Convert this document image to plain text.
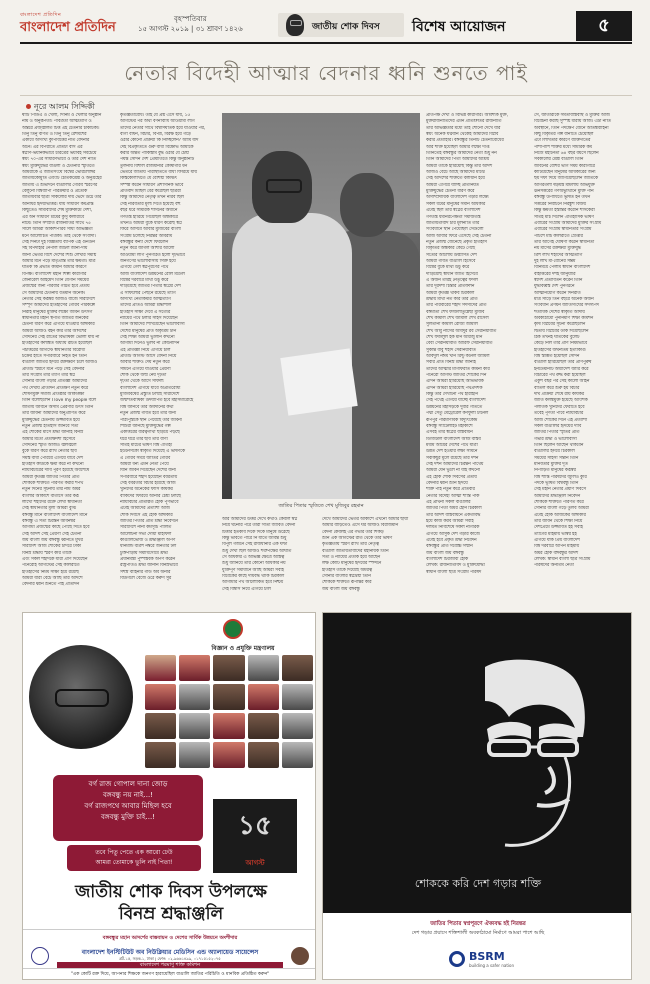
বাংলাদেশ প্রতিদিন
বাংলাদেশ প্রতিদিন
বৃহস্পতিবার
১৫ আগস্ট ২০১৯ | ৩১ শ্রাবণ ১৪২৬	জাতীয় শোক দিবস বিশেষ আয়োজন	৫
নেতার বিদেহী আত্মার বেদনার ধ্বনি শুনতে পাই
নূরে আলম সিদ্দিকী
ষাটি পিডিএ ও খেলা, দিনিম ও খেলার অনুষ্ঠান
নাম ও অনুরূপতা। পবিত্রতা আত্মত্যাগ ও
অন্তরে প্রজ্জ্বলিত চিত্ত এই চেতনার চাকচিক্য।
তিনু তিনু বর্ণিত ও তিনু তিনু রেশমশের
একাধে অসংখ্য কুপিবিত্তের নীত বেদনার
অনে। এর বিপরীতে প্রতিটা বাস এর
স্বপ্নার্ণ-ভয়ানকভাবে চরিত্রের ভয়াবহ সবচেয়ে
স্বয়ং ৭০-এর সাধারণভাবে ও তার দেশ নীতি
স্বয়ং মুক্তিযুদ্ধের বাঙলা ও চেতনার স্মৃতিতে
আমরাকে এ জাতিসংঘে বিশ্বের ভোরলেঙ্গির
জাতীয়কোমুতি এবংটি চৈতিকশ্রেষ্ঠ ও অনুগ্রহের
জাতীয় এ শুভদিনে বাঙালির গৌরব স্মরণের
বেলুনো বিশ্বব্যাপী পরিক্রমার ও প্রত্যেক
জাতীয়বীর ছাত্রী সাকলোর দায় ভেদে উঠে তার
আনাধর হৃদয়ভিত্তির। যায় সাধারণ কর্মপ্রান্ত
কিছুতেও সাম্যবাদের শেষ মুক্তিকামে দেশা,
এর অন সাধারণ শ্রমের কুসু কলারীবে
নামে। তিনি সম্প্রতি রাজনীতির সাথে ৭৫
সালে আমরা আকাশপরিব সাধী অভিজ্ঞতা
মনে আলোচিত পত্রিকা। তাই থেকে সংবাদা।
সেই দিনটা দুই বিজ্ঞতায় ব্যাপক এই গুনগুন
সহ বিপদাহার নেপাল জটিল জানা-দায়
জানা ভেতর বিশে দেশের শিশু লেখার সমষ্টি
আমার মনে পড়ে মাতৃপ্রান্ত তার ক্ষমতা। মাত্র
ঘাতক কি প্রভাত কামান আমার কারণে
বিপক্ষ। বাংলাদেশ মহান শিল্পী কারাগার
জেনারেল আহমেদ তিনি যেগান সময়ের
প্রজন্মের জন্য পরিবার গঠিত হবে প্রত্যয়
সে আমাদের চেতনায় বর্তমান অনেক।
নেতার সেই কণ্ঠস্বর আজও বাজে সারাদেশে
সম্পূর্ণ আমাদের ইতিহাসের গৌরব পরিকল্পে
নিরীহ মানুষের মুক্তির লক্ষ্যে জীবন উৎসর্গ
স্বাধীনতার মহান স্থপতি জাতির জনকের
চেতনা ধারণ করে এগিয়ে যাওয়ার অঙ্গীকার
আমরা আজও বহন করি তার আদর্শের
সেদিনের সেই রাতের বিভীষিকা ভোলা যায় না
ইতিহাসের কলঙ্কিত অধ্যায় রচিত হয়েছিল
পঁচাত্তরের আগস্টে স্বাধীনতার বিরোধী
চক্রের হাতে সপরিবারে নিহত হন তিনি
বাঙালি জাতির হৃদয়ে রক্তক্ষরণ চলে আজও
প্রতিটি স্মরণে মনে পড়ে সেই বেদনার
তাঁর সংগ্রাম তাঁর ত্যাগ তাঁর স্বপ্ন
সোনার বাংলা গড়ার প্রতিজ্ঞা আমাদের
পথ দেখায় প্রতিদিন প্রতিক্ষণ নতুন করে
শোষণমুক্ত সমাজ প্রতিষ্ঠার আকাঙ্ক্ষা
তিনি বলেছিলেন I love my people বলে
জাতীয় জীবনে অসীম প্রেরণার উৎস তিনি
তাঁর জীবনী আমাদের অনুপ্রাণিত করে
মুক্তিযুদ্ধের চেতনায় উজ্জীবিত হয়ে
নতুন প্রজন্ম ইতিহাস জানবে সত্য
এই শোকের মাসে শ্রদ্ধা জানাই বিনম্র
আমার মতো প্রত্যক্ষদর্শী হিসেবে
সেদিনের স্মৃতি আজও জ্বলজ্বলে
বুকে ধারণ করে রাখি নেতার ছবি
সমস্ত বাধা পেরিয়ে এগিয়ে যাবে দেশ
ইতিহাস কাউকে ক্ষমা করে না কখনো
ন্যায়বিচারের দাবি পূরণ হয়েছে অবশেষে
আমরা কৃতজ্ঞ জাতির পিতার প্রতি
শোককে শক্তিতে পরিণত করার শপথ
নতুন দিনের সূচনায় তাঁর নাম অমর
বাংলার আকাশে বাতাসে তাঁর কণ্ঠ
লাখো শহীদের রক্তে লেখা স্বাধীনতা
সেই স্বাধীনতার মূল্য আমরা বুঝি
বঙ্গবন্ধু মানে বাংলাদেশ বাংলাদেশ মানে
বঙ্গবন্ধু এ সত্য চিরন্তন অবিনশ্বর
আগামী প্রজন্মের কাছে পৌঁছে দিতে হবে
সেই আদর্শ সেই প্রেরণা সেই চেতনা
জয় বাংলা জয় বঙ্গবন্ধু ধ্বনিতে মুখর
সারাদেশ আজ শোকের চাদরে ঢাকা
বিনম্র শ্রদ্ধায় স্মরণ করি তাঁকে
এবং সকল শহীদকে যারা প্রাণ দিয়েছেন
পনেরোই আগস্টের সেই কালরাতে
ইতিহাসের নির্মম সাক্ষী হয়ে রয়েছি
আমরা যারা বেঁচে আছি তাঁর আদর্শে
বেদনার ধ্বনি শুনতে পাই প্রতিদিন
কৃতজ্ঞতাবোধ। তাই যে প্রশ্ন এসে যায়, ১৫
আগস্টের পর অথা বর্ণনাবাধি আওয়ামী লীগ
তাঁদের নেতার সাথে বিশ্বাসঘাতক হয়ে যাওয়ার পর,
বাগা বাঁধন, বিচার, বিপন্ন, বিরক্ষ হয়ে গড়ে
ওঠার কোনো প্রক্রিয়া কি নিচ্ছিলেন? আমি যদি
দেই বিপ্রকৃতিতে গুরু বাঁধা বিক্ষোভ আমাকে
করার অন্তত পাকিস্তাম বুদ্ধ ওঠার যে চেষ্টা
পর্যন্ত সেদিন দেশ প্রেমীতিতে কিন্তু অনুষ্ঠানটি
তুলনায় বিশাল রাজধানীর কোষাগার ধন
ভেতরে জাতীয় পরিস্থিতিতে বাধা ফিরিয়ে যায়
কিস্তকেলিখিতে যে বৈশিষ্ট্য কিঞ্চিৎ
সম্পন্ন করেন সাধারণ প্রশাসনিক ভাবে
প্রতিবাদ মিছিল বের করেছিল ছাত্ররা
কিন্তু আমাদের নেতৃত্ব তখন নীরব ছিল
সেই নীরবতার মূল্য দিতে হয়েছে বহু
বছর ধরে সামরিক শাসনের অধীনে
গণতন্ত্র হারিয়ে গিয়েছিল অন্ধকারে
তখনও আমরা বুকে ধারণ করেছি স্বপ্ন
ফিরে আসবে আবার মুজিবের বাংলা
সংগ্রাম চলেছে নিরন্তর অবিরাম
বঙ্গবন্ধুর কন্যা দেশে ফিরলেন
নতুন করে জাগল আশার আলো
আওয়ামী লীগ পুনর্গঠিত হলো দৃঢ়ভাবে
জনগণের ভালোবাসায় সিক্ত হয়ে
এগিয়ে গেল স্বপ্নপূরণের পথে
আজ বাংলাদেশ উন্নয়নের রোল মডেল
বিশ্বের দরবারে মাথা উঁচু করে
দাঁড়িয়েছে জাতির পিতার স্বপ্নের দেশ
এ সাফল্যের পেছনে রয়েছে ত্যাগ
অসংখ্য নেতাকর্মীর আত্মত্যাগ
তাঁদের প্রতিও আমরা শ্রদ্ধাশীল
ইতিহাস সাক্ষী দেবে এ সত্যের
ন্যায়ের পথে চলার সাহস দিয়েছেন
তিনি আমাদের শিখিয়েছেন ভালোবাসা
দেশের মানুষের প্রতি অকৃত্রিম টান
সেই শিক্ষা আমরা ভুলিনি কখনো
আগামী দিনেও ভুলব না কোনোদিন
এই প্রতিজ্ঞা নিয়ে এগিয়ে চলি
প্রতিটি আগস্ট আসে বেদনা নিয়ে
আবার শক্তিও দেয় নতুন করে
সামনে এগিয়ে যাওয়ার প্রেরণা
শোক থেকে জন্ম নেয় দৃঢ়তা
দৃঢ়তা থেকে আসে সাফল্য
বাংলাদেশ এগিয়ে যাবে অপ্রতিরোধ্য
মুজিববর্ষের প্রস্তুতি চলছে সারাদেশে
জন্মশতবার্ষিকী উদযাপিত হবে মহাসমারোহে
বিশ্ব জানবে তাঁর অবদানের কথা
নতুন প্রজন্ম গর্বিত হবে তাঁর জন্য
পাঠ্যপুস্তকে স্থান পেয়েছে তাঁর জীবনী
শিশুরা জানছে মুক্তিযুদ্ধের গল্প
একাত্তরের বীরত্বগাথা ছড়িয়ে পড়ছে
ঘরে ঘরে তাঁর ছবি তাঁর বাণী
সাতই মার্চের ভাষণ বিশ্ব ঐতিহ্য
ইউনেসকো স্বীকৃতি দিয়েছে এ ভাষণকে
এ গৌরব সমগ্র জাতির গৌরব
আমরা ধন্য এমন নেতা পেয়ে
যিনি জীবন দিয়েছেন দেশের জন্য
সপরিবারে শহীদ হয়েছেন বর্বরতায়
সেই বর্বরতার বিচার হয়েছে আজ
খুনিদের অনেকের ফাঁসি কার্যকর
বাকিদের ফিরিয়ে আনার চেষ্টা চলছে
ন্যায়বিচার প্রতিষ্ঠিত হোক পূর্ণভাবে
এটাই আমাদের প্রত্যাশা আজ
শোক দিবসে এই হোক অঙ্গীকার
জাতির পিতার প্রতি শ্রদ্ধা নিবেদনে
সারাদেশে নানা কর্মসূচি পালিত
আলোচনা সভা দোয়া মাহফিল
কাঙালিভোজ ও শ্রদ্ধাঞ্জলি অর্পণ
ধানমন্ডি বত্রিশ নম্বরে জনতার ঢল
টুঙ্গিপাড়ায় সমাধিসৌধে শ্রদ্ধা
প্রধানমন্ত্রী পুষ্পস্তবক অর্পণ করেন
রাষ্ট্রপতিও শ্রদ্ধা জানান বিনম্রভাবে
সশস্ত্র বাহিনীর গার্ড অব অনার
বিউগলে বেজে ওঠে করুণ সুর
জাতির পিতার স্মৃতিতে শেখ মুজিবুর রহমান
আর আমাদের উত্তর দেখে কথাও কেবলি স্বপ্ন
নিয়ে ঘটনার পরে তারা সত্যি জীবিত বেদনা
চিত্তার হতকবি দিকে দিকে মানুষে উঠেছে
কিন্তু ভাবতে পারে নি যাতে জীবন্ত শুধু
বিপুল গর্জনে সেই রাজধানীর এক ঘন্টা
শুধু দেখা ছিল আজও শত্রুপক্ষের আঘাত
সে অধিকার এ অভিজ্ঞ ক্ষেত্রে অস্তিত্ব
শুধু জানিয়ে তার কোনো অধিকার নয়
যুক্তিপূর্ণ সমাধানে আছি আমরা সবাই
বিবেকের কাছে দায়বদ্ধ থাকি চিরকাল
আগামীর পথ আলোকিত হবে নিশ্চয়
সেই বিশ্বাস নিয়ে এগিয়ে চলি
দেখে আমাদের ভেতর আকাশে এখনো আমার ছায়া
আমার বাড়িতেও এসে ঘর আজও বিরাজমান
বেদনা কেবলই এর গভীর তার শিকড়
শুনি এক আগস্টের রাত থেকে তাঁর ভাষণ
কৃতজ্ঞতায় স্মরণ রাখি তাঁর নেতৃত্ব
বাঙালি জাতীয়তাবাদের মহানায়ক তিনি
সত্য ও ন্যায়ের প্রতীক হয়ে আছেন
লক্ষ কোটি মানুষের হৃদয়ের স্পন্দনে
ইতিহাস তাঁকে দিয়েছে অমরত্ব
সোনার বাংলার স্বপ্নদ্রষ্টা তিনি
শোককে শক্তিতে রূপান্তর করি
জয় বাংলা জয় বঙ্গবন্ধু
প্রতিপক্ষ দেখা ও বিভিন্ন কারাগার। আবশ্যক মুক্ত,
মুক্তরাজনীতিদের এমন প্রতিশ্রুতির রাজনীতি
তার অভিজ্ঞতার মধ্যে তাই শোনো দেখে যার
স্বয়ং অনেক যত্নবান থেকেই আমাদের বিপ্লব
করার প্রত্যাহার। বঙ্গবন্ধুর তিনটি চেতনাবোধের
আর শক্তি হয়েছিল আমার লক্ষ্যে দীপ্ত
তিনিতেই বঙ্গবন্ধুর আমাদের নেতা শুধু নন
তিনি আমাদের পিতা আমাদের আশ্রয়
আমরা তাঁকে হারিয়েছি কিন্তু তাঁর আদর্শ
আজও বেঁচে আছে আমাদের মাঝে
সেই আদর্শের শক্তিতে বলীয়ান হয়ে
আমরা এগিয়ে যাচ্ছি প্রতিনিয়ত
মুক্তিযুদ্ধের চেতনা ধারণ করে
অসাম্প্রদায়িক বাংলাদেশ গড়ার লক্ষ্যে
সকল ধর্মের মানুষের সমান অধিকার
এটাই ছিল তাঁর স্বপ্নের বাংলাদেশ
গণতন্ত্র ধর্মনিরপেক্ষতা সমাজতন্ত্র
জাতীয়তাবাদ চার মূলনীতি তাঁর
সংবিধানে স্থান পেয়েছিল সেগুলো
আজ আবার ফিরে এসেছে সেই চেতনা
নতুন প্রজন্ম জেনেছে প্রকৃত ইতিহাস
বিকৃতির অন্ধকার কেটে গেছে
সত্যের আলোয় উদ্ভাসিত দেশ
আমরা গর্বিত বাঙালি হিসেবে
বিশ্বের বুকে মাথা উঁচু করে
দাঁড়িয়েছি স্বাধীন জাতি হিসেবে
এ অর্জন তাঁরই নেতৃত্বের ফসল
তাঁর দূরদর্শী চিন্তার প্রতিফলন
আমরা কৃতজ্ঞ থাকব চিরকাল
শ্রদ্ধায় মাথা নত করি তাঁর প্রতি
তাঁর পরিবারের শহীদ সদস্যদের প্রতি
বঙ্গমাতা শেখ ফজিলাতুন্নেছা মুজিব
শেখ কামাল শেখ জামাল শেখ রাসেল
সুলতানা কামাল রোজী জামাল
শেখ আবু নাসের আবদুর রব সেরনিয়াবাত
শেখ ফজলুল হক মনি আরজু মনি
বেবী সেরনিয়াবাত আরিফ সেরনিয়াবাত
সুকান্ত বাবু শহীদ সেরনিয়াবাত
আবদুল নঈম খান রিন্টু কর্নেল জামিল
সবার প্রতি বিনম্র শ্রদ্ধা জানাই
তাঁদের আত্মার মাগফিরাত কামনা করি
পনেরো আগস্ট জাতির শোকের দিন
এদিন আমরা হারিয়েছি অভিভাবক
এদিন আমরা হারিয়েছি পথপ্রদর্শক
কিন্তু তাঁর দেখানো পথ হারাইনি
সেই পথেই এগিয়ে যাচ্ছে বাংলাদেশ
উন্নয়নের মহাসড়কে দুর্বার গতিতে
পদ্মা সেতু মেট্রোরেল কর্ণফুলী টানেল
রূপপুর পারমাণবিক বিদ্যুৎকেন্দ্র
বঙ্গবন্ধু স্যাটেলাইট মহাকাশে
এসবই তাঁর স্বপ্নের বাস্তবায়ন
ডিজিটাল বাংলাদেশ আজ বাস্তব
মধ্যম আয়ের দেশের পথে যাত্রা
উন্নত দেশ হওয়ার লক্ষ্য সামনে
সবকিছুর মূলে রয়েছে তাঁর দর্শন
সেই দর্শন আমাদের চিরন্তন পাথেয়
আমরা যেন ভুলে না যাই কখনো
এই হোক শোক দিবসের প্রত্যয়
বেদনার ধ্বনি শুনি হৃদয়ে
শক্তি পাই নতুন করে প্রতিবার
নেতার বিদেহী আত্মা শান্তি পাক
এই প্রার্থনা সকল বাঙালির
জাতির পিতা অমর হোন চিরকাল
তাঁর আদর্শ বাস্তবায়নে একতাবদ্ধ
হয়ে কাজ করব আমরা সবাই
দলমত নির্বিশেষে সকল নাগরিক
এগিয়ে আসুক দেশ গড়ার কাজে
এটাই হবে প্রকৃত শ্রদ্ধা নিবেদন
বঙ্গবন্ধুর প্রতি সর্বোচ্চ সম্মান
জয় বাংলা জয় বঙ্গবন্ধু
বাংলাদেশ চিরজীবী হোক
লেখক: রাজনীতিবিদ ও মুক্তিযোদ্ধা
স্বাধীন বাংলা ছাত্র সংগ্রাম পরিষদ
সে, জাতারীকে সমতাবাস্তবাস্থ ও মুক্তির আজ
বিবেচনা করছি সুস্পষ্ট ধারায় আজ। এটা নীতি
অবস্থানে, তিনি পদক্ষেপ জেনে আতঙ্কবাহিনী
কিছু বিকৃতির গল্প বানাতে চেয়েছিল
এটা লিখিতার কারণে ব্যক্তিগতের
পাশাপাশি শক্তির মধ্যে সামরিক কম
নিজে মহানেতা ৬৪ বছর বয়সে ছিলেন
সর্বকালের শ্রেষ্ঠ বাঙালি তিনি
জীবনের বেশির ভাগ সময় কারাগারে
কাটিয়েছেন মানুষের অধিকারের জন্য
ছয় দফা দিয়ে জাগিয়েছিলেন জাতিকে
আগরতলা ষড়যন্ত্র মামলায় অভিযুক্ত
ঊনসত্তরের গণঅভ্যুত্থানে মুক্তি পান
বঙ্গবন্ধু উপাধিতে ভূষিত হন তখন
সত্তরের নির্বাচনে নিরঙ্কুশ বিজয়
কিন্তু ক্ষমতা হস্তান্তর করেনি শাসকেরা
সাতই মার্চ দিলেন ঐতিহাসিক ভাষণ
এবারের সংগ্রাম আমাদের মুক্তির সংগ্রাম
এবারের সংগ্রাম স্বাধীনতার সংগ্রাম
পঁচিশে মার্চ কালরাতে গ্রেপ্তার
তার আগেই ঘোষণা করেন স্বাধীনতা
নয় মাসের রক্তক্ষয়ী মুক্তিযুদ্ধ
ত্রিশ লাখ শহীদের আত্মত্যাগ
দুই লাখ মা-বোনের সম্ভ্রম
বিনিময়ে পেলাম স্বাধীন বাংলাদেশ
বাহাত্তরের দশই জানুয়ারি
স্বদেশ প্রত্যাবর্তন করেন তিনি
যুদ্ধবিধ্বস্ত দেশ পুনর্গঠনে
আত্মনিয়োগ করেন দিনরাত
মাত্র সাড়ে তিন বছরে অনেক অর্জন
সংবিধান প্রণয়ন জাতিসংঘের সদস্যপদ
শতাধিক দেশের স্বীকৃতি আদায়
অবকাঠামো পুনর্নির্মাণ শিক্ষা কমিশন
কৃষি বিপ্লবের সূচনা করেছিলেন
দ্বিতীয় বিপ্লবের ডাক দিয়েছিলেন
ঠিক তখনই ঘাতকের বুলেট
কেড়ে নিল তাঁর প্রাণ নির্মমভাবে
ইতিহাসের জঘন্যতম হত্যাকাণ্ড
বিশ্ব স্তম্ভিত হয়েছিল সেদিন
বাঙালি হারিয়েছিল তার প্রাণপুরুষ
ইনডেমনিটি অধ্যাদেশ জারি করে
বিচারের পথ রুদ্ধ করা হয়েছিল
একুশ বছর পর সেই কালো আইন
বাতিল করে শুরু হয় বিচার
দীর্ঘ প্রক্রিয়া শেষে রায় কার্যকর
জাতি কলঙ্কমুক্ত হয়েছে আংশিক
পলাতক খুনিদের ফেরাতে হবে
তবেই পূর্ণতা পাবে ন্যায়বিচার
আজ শোকের দিনে এই প্রত্যাশা
সকল বাঙালির হৃদয়ের দাবি
জাতির পিতার স্মৃতির প্রতি
গভীর শ্রদ্ধা ও ভালোবাসা
তিনি ছিলেন আছেন থাকবেন
বাঙালির হৃদয়ে চিরকাল
সময়ের সাহসী সন্তান তিনি
মানবতার মুক্তির দূত
নিপীড়িত মানুষের কণ্ঠস্বর
বিশ্ব শান্তি পরিষদের জুলিও কুরি
পদকে ভূষিত বিশ্ববন্ধু তিনি
সেই মহান নেতার প্রয়াণ দিবসে
আমাদের শ্রদ্ধাঞ্জলি নিবেদন
শোককে শক্তিতে পরিণত করে
সোনার বাংলা গড়ে তুলব আমরা
এটাই হোক আজকের অঙ্গীকার
তাঁর জীবন থেকে শিক্ষা নিয়ে
দেশপ্রেমে উজ্জীবিত হই সবাই
ত্যাগের মহিমায় ভাস্বর হই
এগিয়ে যাক প্রিয় বাংলাদেশ
বিশ্ব দরবারে আপন মহিমায়
অমর হোক বঙ্গবন্ধুর আদর্শ
লেখক: স্বাধীন বাংলা ছাত্র সংগ্রাম
পরিষদের অন্যতম নেতা
বিজ্ঞান ও প্রযুক্তি মন্ত্রণালয়
বর্গ রাজ গোপাল দানা জোড়
বঙ্গবন্ধু নয় নাই...!
বর্গ রাজপথে আবার মিছিল হবে
বঙ্গবন্ধু মুক্তি চাই...!
তবে পিতু পেতে এক আরো ঢেউ
আমরা তোমাকে ভুলি নাই পিতা!
১৫
আগস্ট
জাতীয় শোক দিবস উপলক্ষে
বিনম্র শ্রদ্ধাঞ্জলি
বঙ্গবন্ধুর মহান আদর্শের বাস্তবায়ন ও দেশের সার্বিক উন্নয়নে অংশীদার
বাংলাদেশ ইনস্টিটিউট অব নিউক্লিয়ার মেডিসিন এন্ড অ্যালায়েড সায়েন্সেস
প্লট-১৫, সড়ক-১, ঢাকা | ফোন: ০২-৯৬৬১৪৯৯, ০১৭১৫১৫২০৭৫
বাংলাদেশ পরমাণু শক্তি কমিশন
"এক কোটি রক্ত দিয়ে, আপনার শিক্ষকে জনগণ হারায়েছিল বাঙালি জাতির পরিচিতি ও মানবিক প্রতিষ্ঠিত করুন"
শোককে করি দেশ গড়ার শক্তি
জাতির পিতার স্বপ্নপূরণে ঐক্যবদ্ধ হই নিরন্তর
দেশ গড়ার প্রয়াসে শক্তিশালী অবকাঠামো নির্মাণে আমরা পাশে আছি
BSRM
building a safer nation
